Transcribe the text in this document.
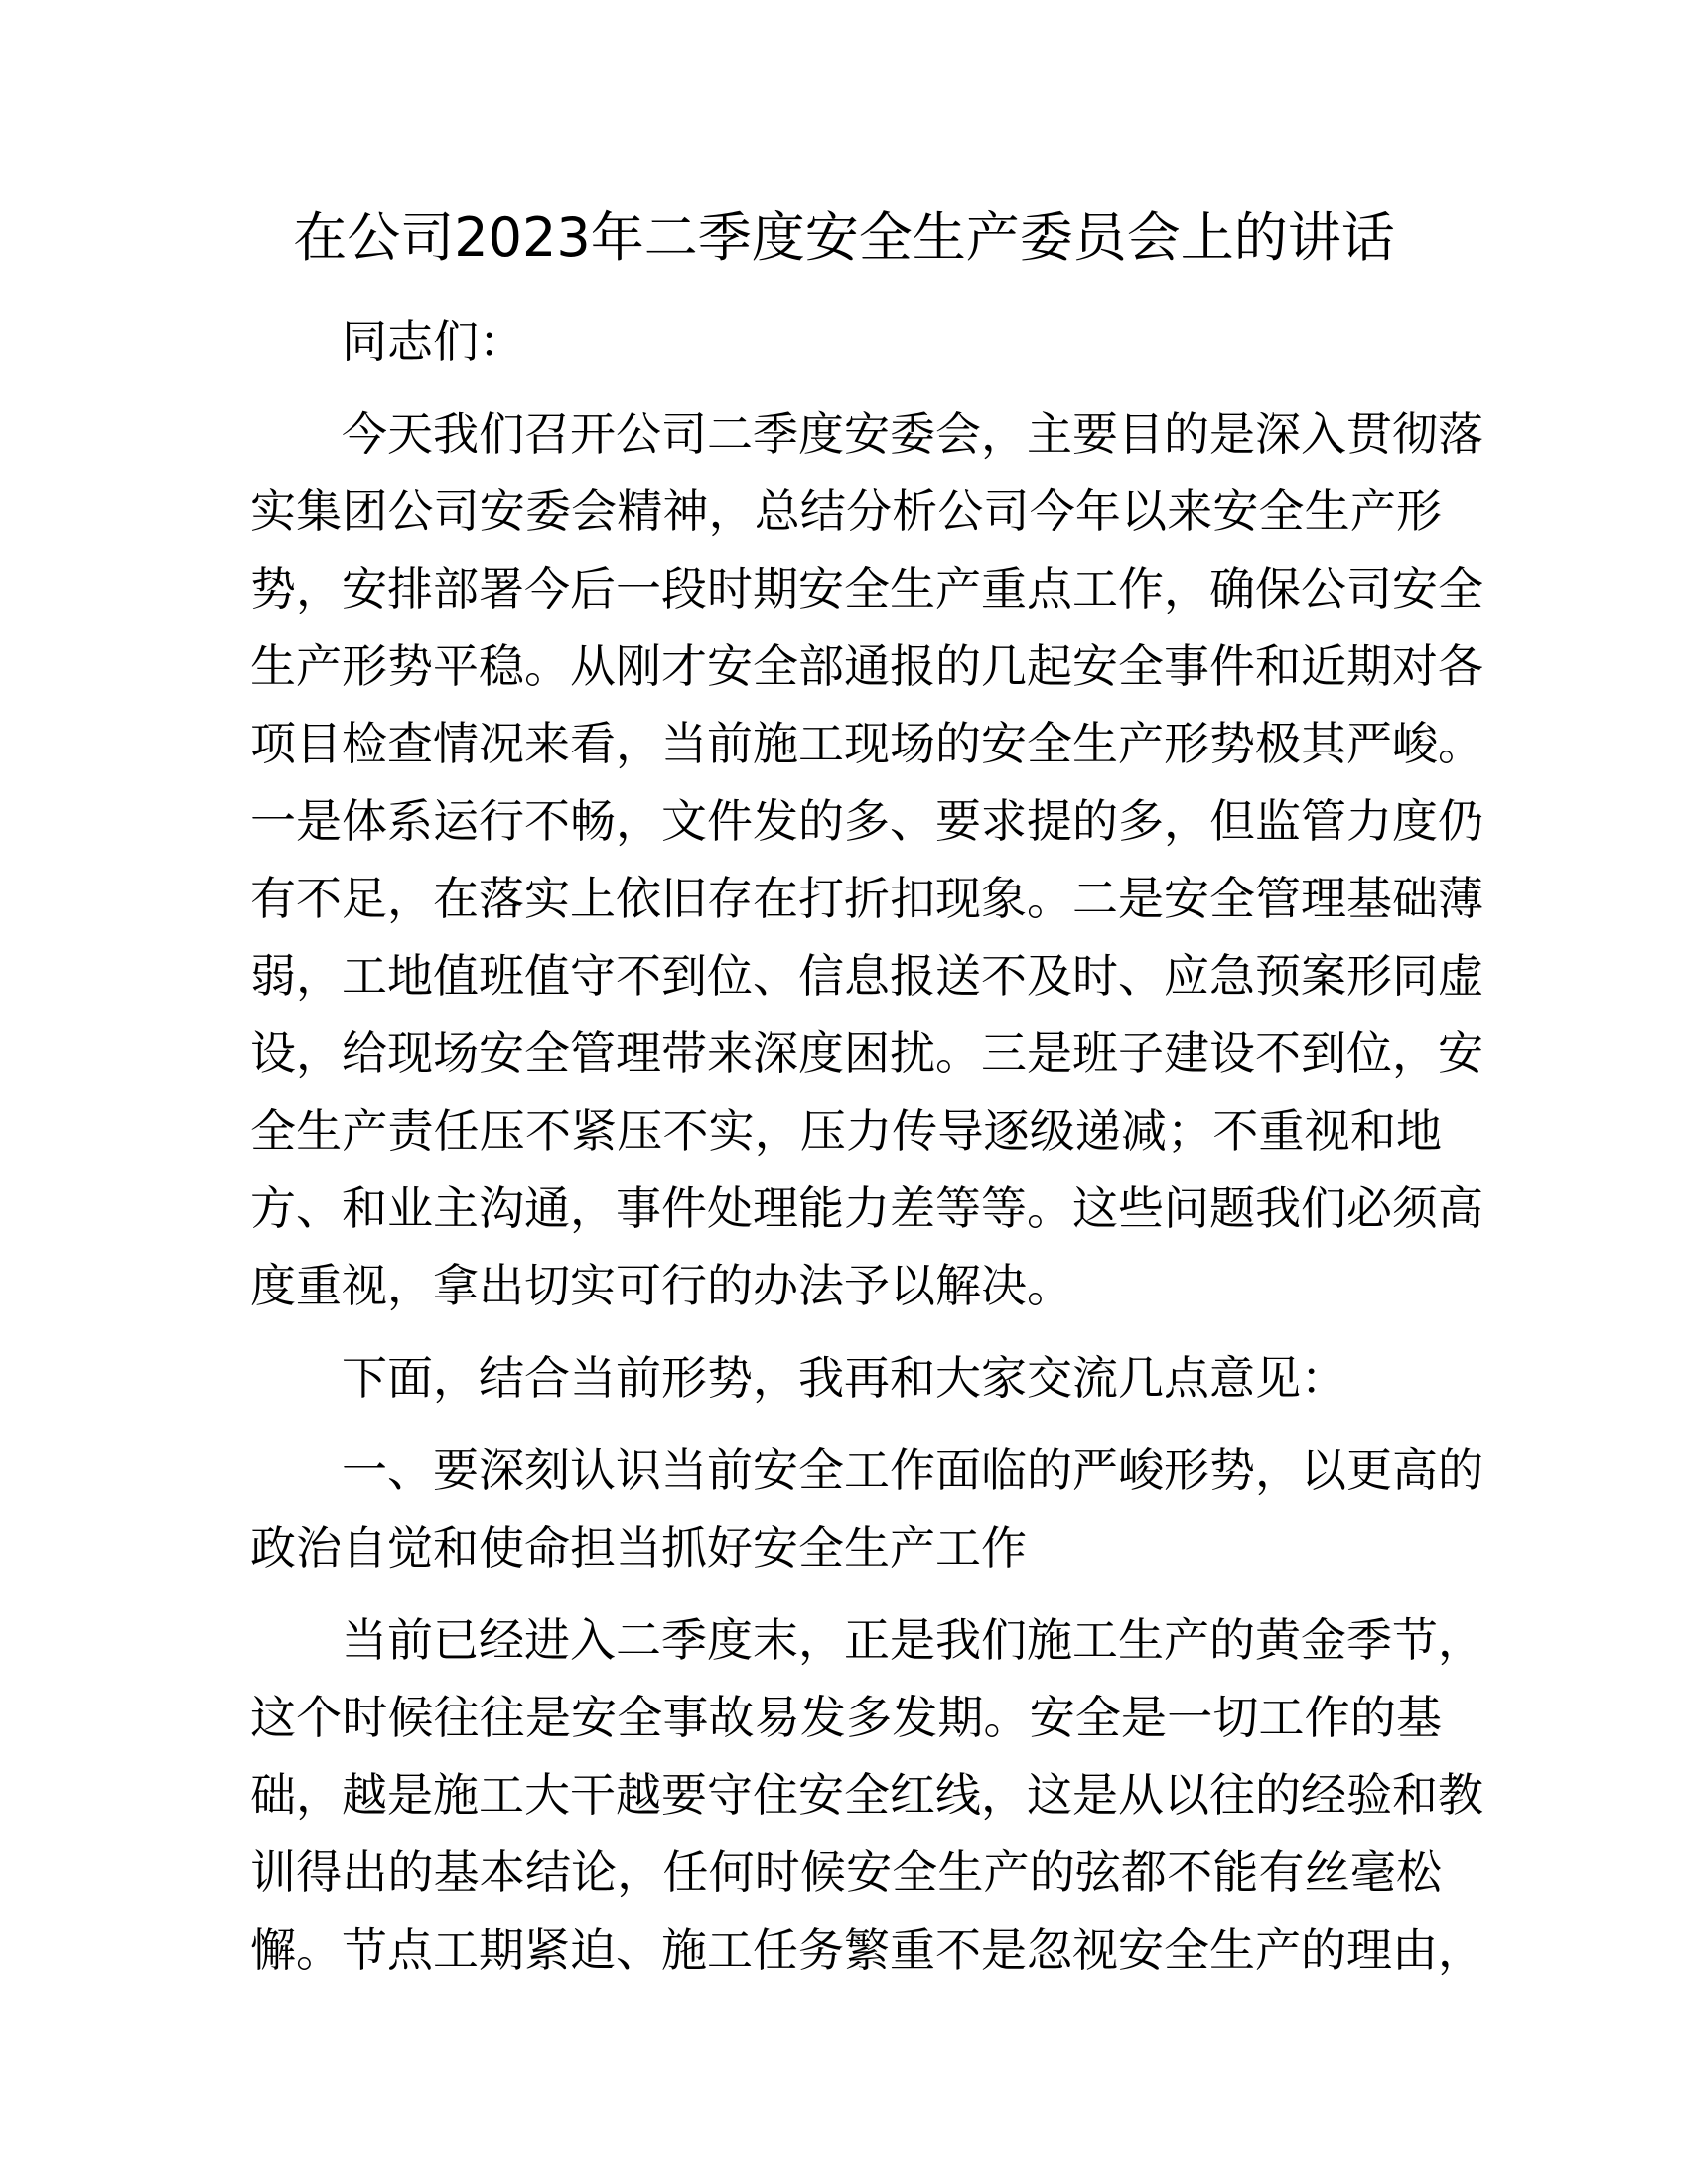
在公司2023年二季度安全生产委员会上的讲话
同志们：
今天我们召开公司二季度安委会，主要目的是深入贯彻落
实集团公司安委会精神，总结分析公司今年以来安全生产形
势，安排部署今后一段时期安全生产重点工作，确保公司安全
生产形势平稳。从刚才安全部通报的几起安全事件和近期对各
项目检查情况来看，当前施工现场的安全生产形势极其严峻。
一是体系运行不畅，文件发的多、要求提的多，但监管力度仍
有不足，在落实上依旧存在打折扣现象。二是安全管理基础薄
弱，工地值班值守不到位、信息报送不及时、应急预案形同虚
设，给现场安全管理带来深度困扰。三是班子建设不到位，安
全生产责任压不紧压不实，压力传导逐级递减；不重视和地
方、和业主沟通，事件处理能力差等等。这些问题我们必须高
度重视，拿出切实可行的办法予以解决。
下面，结合当前形势，我再和大家交流几点意见：
一、要深刻认识当前安全工作面临的严峻形势，以更高的
政治自觉和使命担当抓好安全生产工作
当前已经进入二季度末，正是我们施工生产的黄金季节，
这个时候往往是安全事故易发多发期。安全是一切工作的基
础，越是施工大干越要守住安全红线，这是从以往的经验和教
训得出的基本结论，任何时候安全生产的弦都不能有丝毫松
懈。节点工期紧迫、施工任务繁重不是忽视安全生产的理由，
